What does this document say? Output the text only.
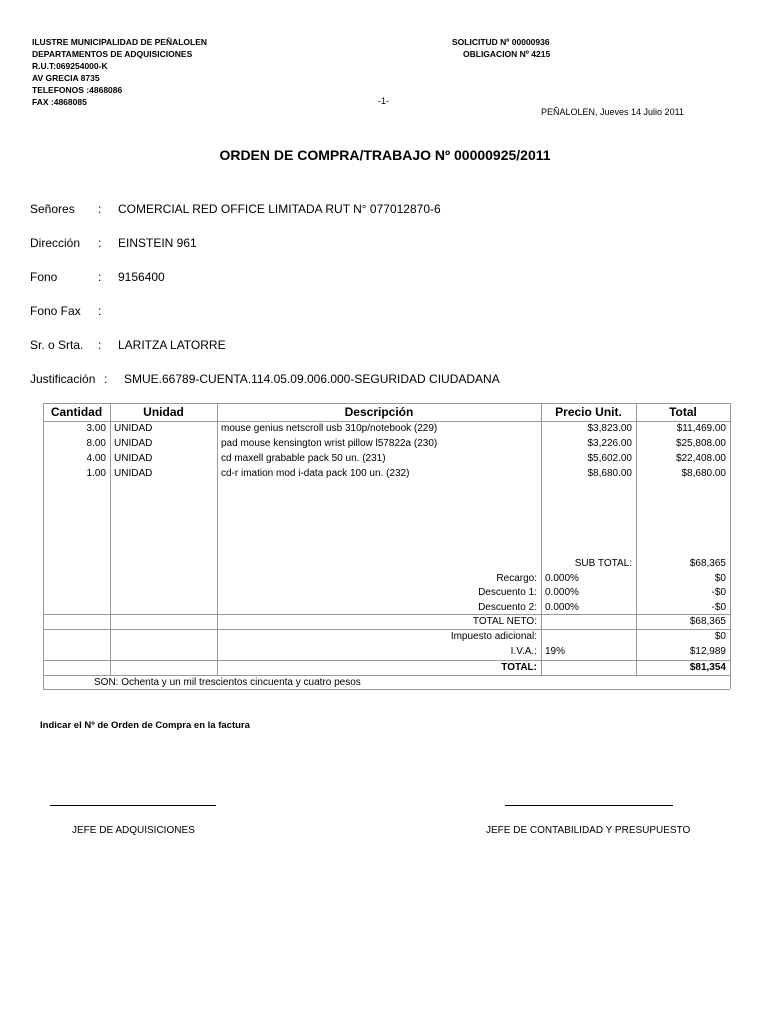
ILUSTRE MUNICIPALIDAD DE PEÑALOLEN
DEPARTAMENTOS DE ADQUISICIONES
R.U.T:069254000-K
AV GRECIA 8735
TELEFONOS :4868086
FAX :4868085
SOLICITUD Nº 00000936
OBLIGACION Nº 4215
-1-
PEÑALOLEN, Jueves 14 Julio 2011
ORDEN DE COMPRA/TRABAJO Nº 00000925/2011
Señores : COMERCIAL RED OFFICE LIMITADA RUT N° 077012870-6
Dirección : EINSTEIN 961
Fono	: 9156400
Fono Fax :
Sr. o Srta. : LARITZA LATORRE
Justificación : SMUE.66789-CUENTA.114.05.09.006.000-SEGURIDAD CIUDADANA
Cantidad	Unidad	Descripción	Precio Unit.	Total
3.00 UNIDAD	mouse genius netscroll usb 310p/notebook (229)	$3,823.00	$11,469.00
8.00 UNIDAD	pad mouse kensington wrist pillow l57822a (230)	$3,226.00	$25,808.00
4.00 UNIDAD	cd maxell grabable pack 50 un. (231)	$5,602.00	$22,408.00
1.00 UNIDAD	cd-r imation mod i-data pack 100 un. (232)	$8,680.00	$8,680.00
SUB TOTAL:	$68,365
Recargo: 0.000%	$0
Descuento 1: 0.000%	-$0
Descuento 2: 0.000%	-$0
TOTAL NETO:	$68,365
Impuesto adicional:	$0
I.V.A.: 19%	$12,989
TOTAL:	$81,354
SON: Ochenta y un mil trescientos cincuenta y cuatro pesos
Indicar el Nº de Orden de Compra en la factura
JEFE DE ADQUISICIONES	JEFE DE CONTABILIDAD Y PRESUPUESTO
